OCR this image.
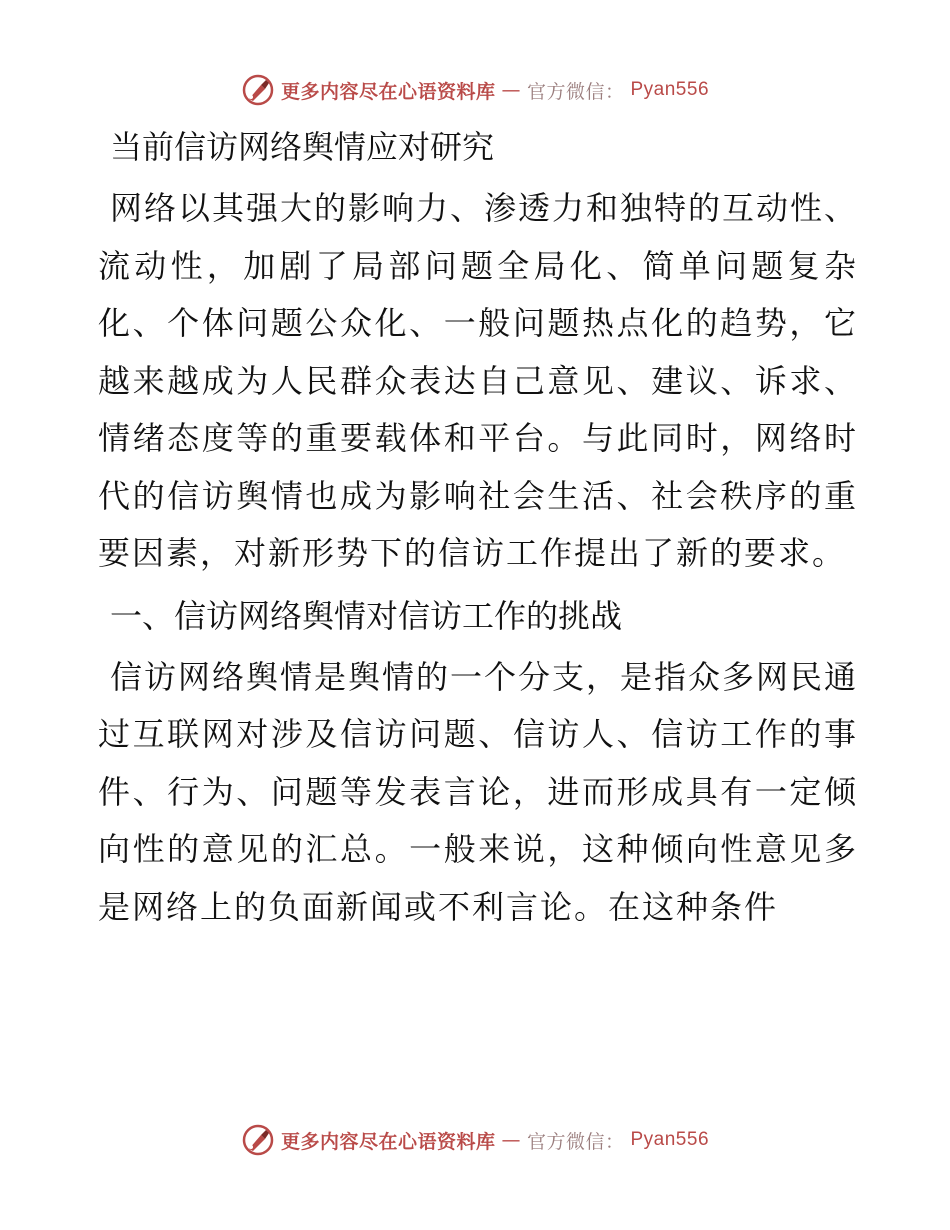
更多内容尽在心语资料库 — 官方微信： Pyan556
当前信访网络舆情应对研究

网络以其强大的影响力、渗透力和独特的互动性、流动性，加剧了局部问题全局化、简单问题复杂化、个体问题公众化、一般问题热点化的趋势，它越来越成为人民群众表达自己意见、建议、诉求、情绪态度等的重要载体和平台。与此同时，网络时代的信访舆情也成为影响社会生活、社会秩序的重要因素，对新形势下的信访工作提出了新的要求。

一、信访网络舆情对信访工作的挑战

信访网络舆情是舆情的一个分支，是指众多网民通过互联网对涉及信访问题、信访人、信访工作的事件、行为、问题等发表言论，进而形成具有一定倾向性的意见的汇总。一般来说，这种倾向性意见多是网络上的负面新闻或不利言论。在这种条件

更多内容尽在心语资料库 — 官方微信： Pyan556
